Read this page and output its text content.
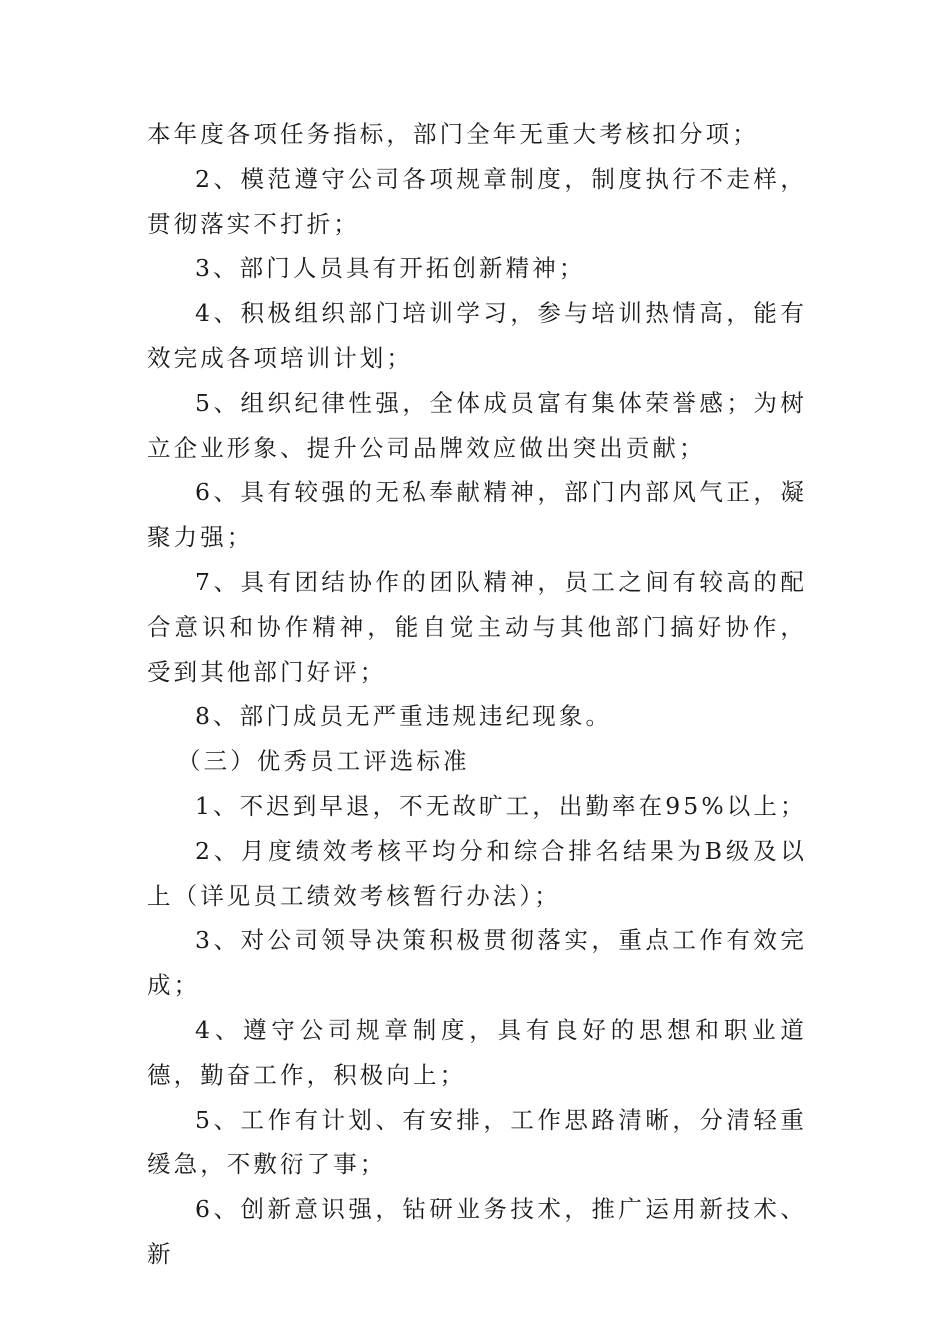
本年度各项任务指标，部门全年无重大考核扣分项；

2、模范遵守公司各项规章制度，制度执行不走样，贯彻落实不打折；

3、部门人员具有开拓创新精神；

4、积极组织部门培训学习，参与培训热情高，能有效完成各项培训计划；

5、组织纪律性强，全体成员富有集体荣誉感；为树立企业形象、提升公司品牌效应做出突出贡献；

6、具有较强的无私奉献精神，部门内部风气正，凝聚力强；

7、具有团结协作的团队精神，员工之间有较高的配合意识和协作精神，能自觉主动与其他部门搞好协作，受到其他部门好评；

8、部门成员无严重违规违纪现象。

（三）优秀员工评选标准

1、不迟到早退，不无故旷工，出勤率在95%以上；

2、月度绩效考核平均分和综合排名结果为B级及以上（详见员工绩效考核暂行办法）；

3、对公司领导决策积极贯彻落实，重点工作有效完成；

4、遵守公司规章制度，具有良好的思想和职业道德，勤奋工作，积极向上；

5、工作有计划、有安排，工作思路清晰，分清轻重缓急，不敷衍了事；

6、创新意识强，钻研业务技术，推广运用新技术、新
